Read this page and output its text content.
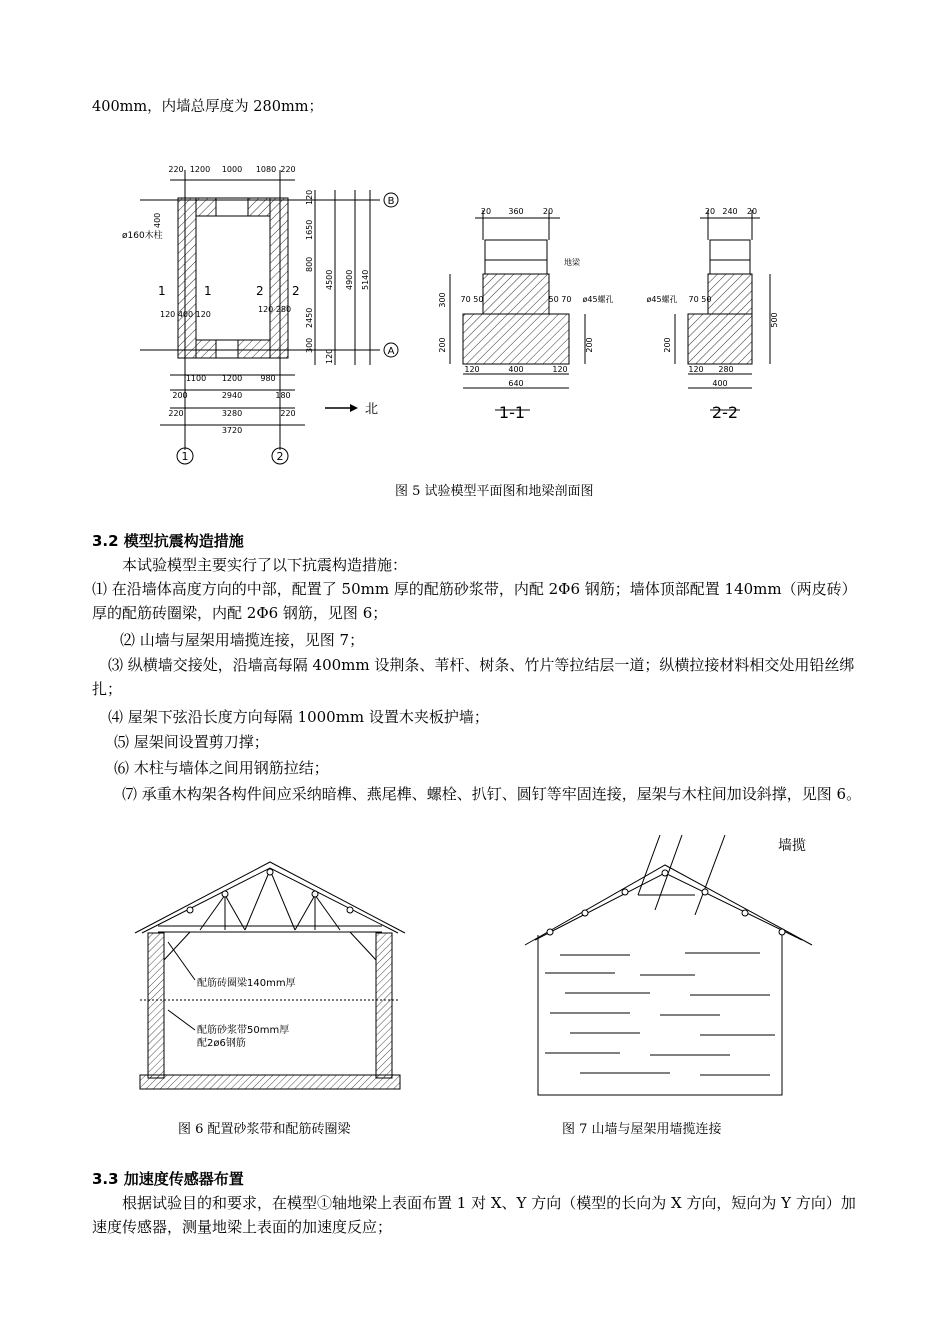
400mm，内墙总厚度为 280mm；
B
A
1	2
220 1200 1000 1080 220
1100 1200 980
200	2940	180
220	3280	220
3720
120
1650
800
2450
300
120
4500 4900 5140
400
120 400 120
120 280
ø160木柱
1	1	2 2
北
20 360 20
300
200	200
120	400	120
640
地梁
ø45螺孔
70 50	50 70
1-1
20 240 20
200
500
120 280
400
ø45螺孔 70 50
2-2
图 5 试验模型平面图和地梁剖面图
3.2 模型抗震构造措施
本试验模型主要实行了以下抗震构造措施：
⑴ 在沿墙体高度方向的中部，配置了 50mm 厚的配筋砂浆带，内配 2Φ6 钢筋；墙体顶部配置 140mm（两皮砖）厚的配筋砖圈梁，内配 2Φ6 钢筋，见图 6；
⑵ 山墙与屋架用墙揽连接，见图 7；
⑶ 纵横墙交接处，沿墙高每隔 400mm 设荆条、苇杆、树条、竹片等拉结层一道；纵横拉接材料相交处用铅丝绑扎；
⑷ 屋架下弦沿长度方向每隔 1000mm 设置木夹板护墙；
⑸ 屋架间设置剪刀撑；
⑹ 木柱与墙体之间用钢筋拉结；
⑺ 承重木构架各构件间应采纳暗榫、燕尾榫、螺栓、扒钉、圆钉等牢固连接，屋架与木柱间加设斜撑，见图 6。
配筋砖圈梁140mm厚
配筋砂浆带50mm厚
配2ø6钢筋
墙揽
图 6 配置砂浆带和配筋砖圈梁	图 7 山墙与屋架用墙揽连接
3.3 加速度传感器布置
根据试验目的和要求，在模型①轴地梁上表面布置 1 对 X、Y 方向（模型的长向为 X 方向，短向为 Y 方向）加速度传感器，测量地梁上表面的加速度反应；
